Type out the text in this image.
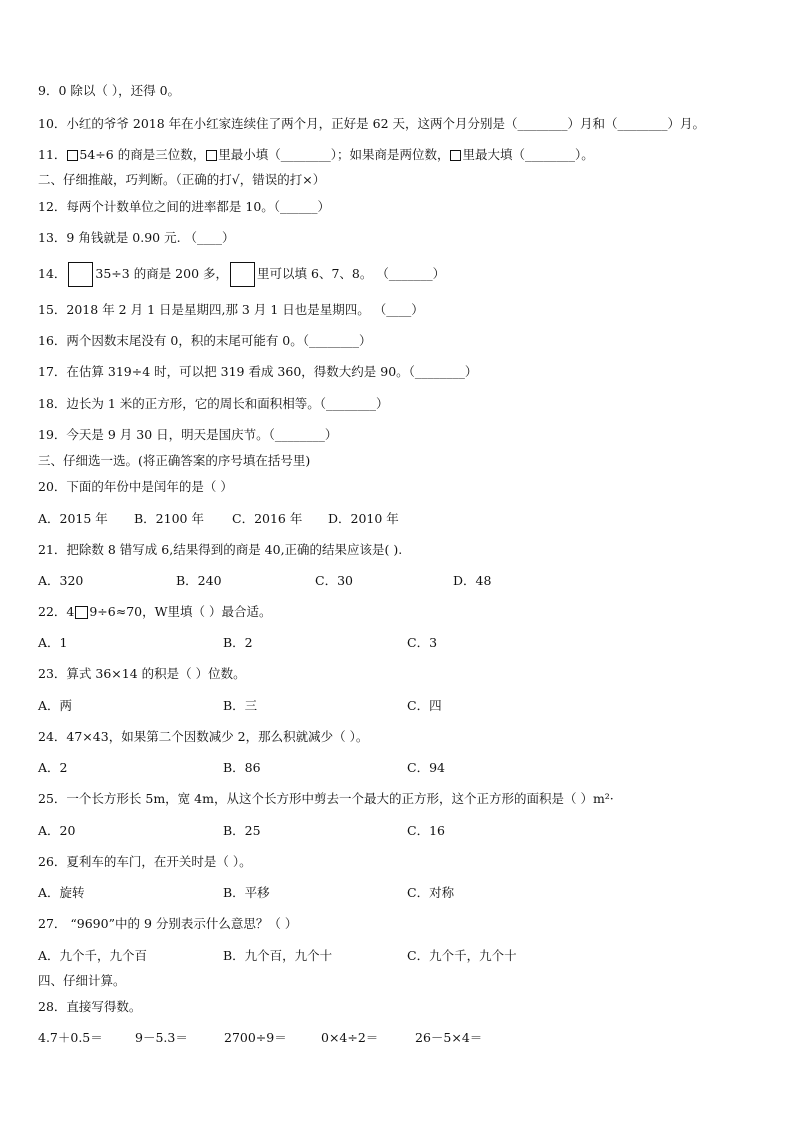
9．0 除以（ ），还得 0。
10．小红的爷爷 2018 年在小红家连续住了两个月，正好是 62 天，这两个月分别是（________）月和（________）月。
11． 54÷6 的商是三位数， 里最小填（________）；如果商是两位数， 里最大填（________）。
二、仔细推敲，巧判断。（正确的打√，错误的打×）
12．每两个计数单位之间的进率都是 10。（______）
13．9 角钱就是 0.90 元. （____）
14． 35÷3 的商是 200 多， 里可以填 6、7、8。 （_______）
15．2018 年 2 月 1 日是星期四,那 3 月 1 日也是星期四。 （____）
16．两个因数末尾没有 0，积的末尾可能有 0。（________）
17．在估算 319÷4 时，可以把 319 看成 360，得数大约是 90。（________）
18．边长为 1 米的正方形，它的周长和面积相等。（________）
19．今天是 9 月 30 日，明天是国庆节。（________）
三、仔细选一选。(将正确答案的序号填在括号里)
20．下面的年份中是闰年的是（ ）
A．2015 年 B．2100 年 C．2016 年 D．2010 年
21．把除数 8 错写成 6,结果得到的商是 40,正确的结果应该是( ).
A．320	B．240	C．30	D．48
22．4 9÷6≈70，W里填（ ）最合适。
A．1	B．2	C．3
23．算式 36×14 的积是（ ）位数。
A．两	B．三	C．四
24．47×43，如果第二个因数减少 2，那么积就减少（ ）。
A．2	B．86	C．94
25．一个长方形长 5m，宽 4m，从这个长方形中剪去一个最大的正方形，这个正方形的面积是（ ）m²·
A．20	B．25	C．16
26．夏利车的车门，在开关时是（ ）。
A．旋转	B．平移	C．对称
27． “9690”中的 9 分别表示什么意思？（ ）
A．九个千，九个百	B．九个百，九个十	C．九个千，九个十
四、仔细计算。
28．直接写得数。
4.7＋0.5＝	9－5.3＝	2700÷9＝	0×4÷2＝	26－5×4＝
